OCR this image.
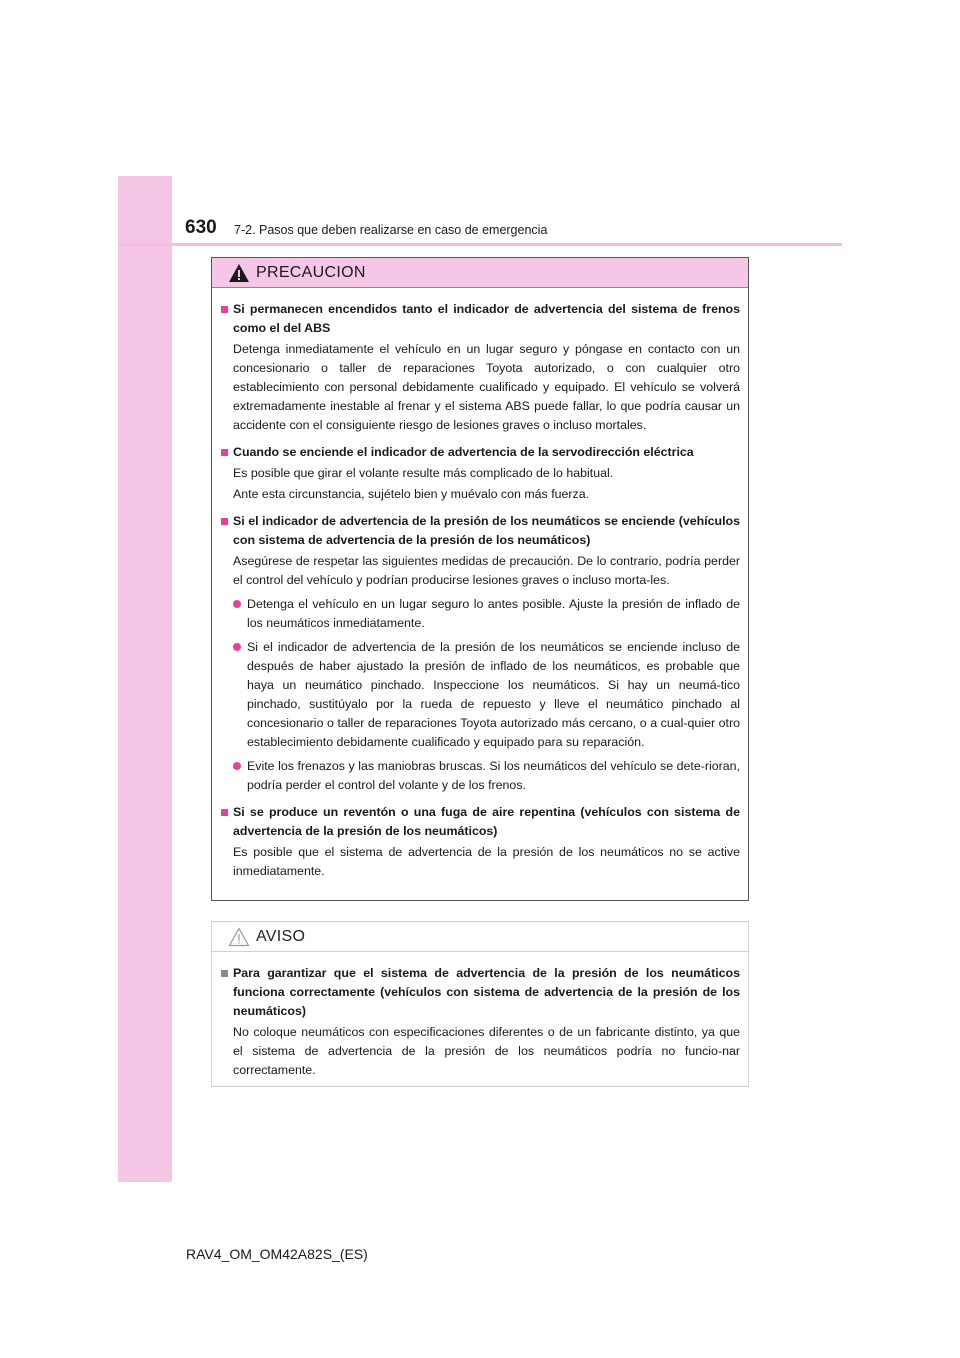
630 7-2. Pasos que deben realizarse en caso de emergencia
PRECAUCION
Si permanecen encendidos tanto el indicador de advertencia del sistema de frenos como el del ABS
Detenga inmediatamente el vehículo en un lugar seguro y póngase en contacto con un concesionario o taller de reparaciones Toyota autorizado, o con cualquier otro establecimiento con personal debidamente cualificado y equipado. El vehículo se volverá extremadamente inestable al frenar y el sistema ABS puede fallar, lo que podría causar un accidente con el consiguiente riesgo de lesiones graves o incluso mortales.
Cuando se enciende el indicador de advertencia de la servodirección eléctrica
Es posible que girar el volante resulte más complicado de lo habitual.
Ante esta circunstancia, sujételo bien y muévalo con más fuerza.
Si el indicador de advertencia de la presión de los neumáticos se enciende (vehículos con sistema de advertencia de la presión de los neumáticos)
Asegúrese de respetar las siguientes medidas de precaución. De lo contrario, podría perder el control del vehículo y podrían producirse lesiones graves o incluso morta-les.
Detenga el vehículo en un lugar seguro lo antes posible. Ajuste la presión de inflado de los neumáticos inmediatamente.
Si el indicador de advertencia de la presión de los neumáticos se enciende incluso de después de haber ajustado la presión de inflado de los neumáticos, es probable que haya un neumático pinchado. Inspeccione los neumáticos. Si hay un neumá-tico pinchado, sustitúyalo por la rueda de repuesto y lleve el neumático pinchado al concesionario o taller de reparaciones Toyota autorizado más cercano, o a cual-quier otro establecimiento debidamente cualificado y equipado para su reparación.
Evite los frenazos y las maniobras bruscas. Si los neumáticos del vehículo se dete-rioran, podría perder el control del volante y de los frenos.
Si se produce un reventón o una fuga de aire repentina (vehículos con sistema de advertencia de la presión de los neumáticos)
Es posible que el sistema de advertencia de la presión de los neumáticos no se active inmediatamente.
AVISO
Para garantizar que el sistema de advertencia de la presión de los neumáticos funciona correctamente (vehículos con sistema de advertencia de la presión de los neumáticos)
No coloque neumáticos con especificaciones diferentes o de un fabricante distinto, ya que el sistema de advertencia de la presión de los neumáticos podría no funcio-nar correctamente.
RAV4_OM_OM42A82S_(ES)
